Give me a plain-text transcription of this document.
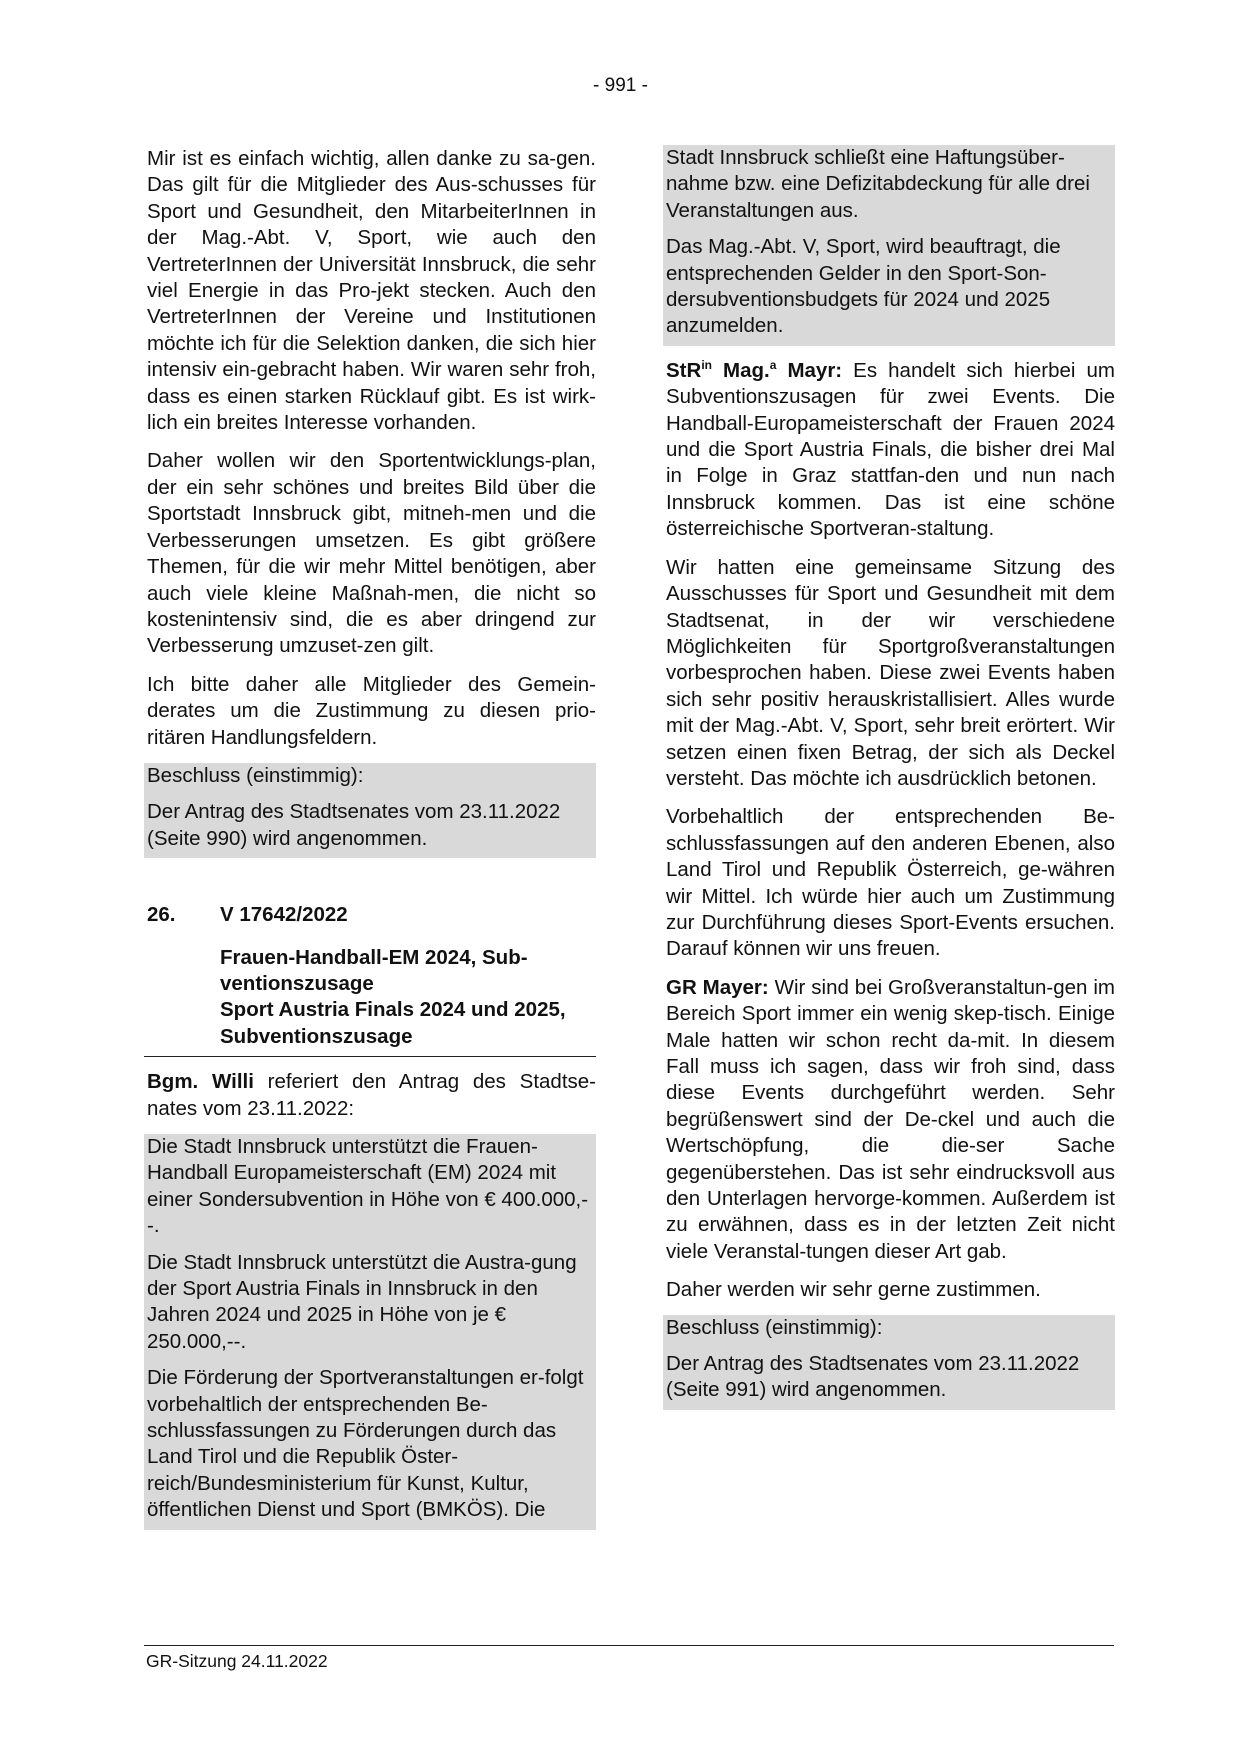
- 991 -

Mir ist es einfach wichtig, allen danke zu sa-gen. Das gilt für die Mitglieder des Aus-schusses für Sport und Gesundheit, den MitarbeiterInnen in der Mag.-Abt. V, Sport, wie auch den VertreterInnen der Universität Innsbruck, die sehr viel Energie in das Pro-jekt stecken. Auch den VertreterInnen der Vereine und Institutionen möchte ich für die Selektion danken, die sich hier intensiv ein-gebracht haben. Wir waren sehr froh, dass es einen starken Rücklauf gibt. Es ist wirk-lich ein breites Interesse vorhanden.

Daher wollen wir den Sportentwicklungs-plan, der ein sehr schönes und breites Bild über die Sportstadt Innsbruck gibt, mitneh-men und die Verbesserungen umsetzen. Es gibt größere Themen, für die wir mehr Mittel benötigen, aber auch viele kleine Maßnah-men, die nicht so kostenintensiv sind, die es aber dringend zur Verbesserung umzuset-zen gilt.

Ich bitte daher alle Mitglieder des Gemein-derates um die Zustimmung zu diesen prio-ritären Handlungsfeldern.

Beschluss (einstimmig):

Der Antrag des Stadtsenates vom 23.11.2022 (Seite 990) wird angenommen.

26.	V 17642/2022
Frauen-Handball-EM 2024, Sub-ventionszusage
Sport Austria Finals 2024 und 2025, Subventionszusage

Bgm. Willi referiert den Antrag des Stadtse-nates vom 23.11.2022:

Die Stadt Innsbruck unterstützt die Frauen-Handball Europameisterschaft (EM) 2024 mit einer Sondersubvention in Höhe von € 400.000,--.

Die Stadt Innsbruck unterstützt die Austra-gung der Sport Austria Finals in Innsbruck in den Jahren 2024 und 2025 in Höhe von je € 250.000,--.

Die Förderung der Sportveranstaltungen er-folgt vorbehaltlich der entsprechenden Be-schlussfassungen zu Förderungen durch das Land Tirol und die Republik Öster-reich/Bundesministerium für Kunst, Kultur, öffentlichen Dienst und Sport (BMKÖS). Die

Stadt Innsbruck schließt eine Haftungsüber-nahme bzw. eine Defizitabdeckung für alle drei Veranstaltungen aus.

Das Mag.-Abt. V, Sport, wird beauftragt, die entsprechenden Gelder in den Sport-Son-dersubventionsbudgets für 2024 und 2025 anzumelden.

StR$^{in}$ Mag.$^a$ Mayr: Es handelt sich hierbei um Subventionszusagen für zwei Events. Die Handball-Europameisterschaft der Frauen 2024 und die Sport Austria Finals, die bisher drei Mal in Folge in Graz stattfan-den und nun nach Innsbruck kommen. Das ist eine schöne österreichische Sportveran-staltung.

Wir hatten eine gemeinsame Sitzung des Ausschusses für Sport und Gesundheit mit dem Stadtsenat, in der wir verschiedene Möglichkeiten für Sportgroßveranstaltungen vorbesprochen haben. Diese zwei Events haben sich sehr positiv herauskristallisiert. Alles wurde mit der Mag.-Abt. V, Sport, sehr breit erörtert. Wir setzen einen fixen Betrag, der sich als Deckel versteht. Das möchte ich ausdrücklich betonen.

Vorbehaltlich der entsprechenden Be-schlussfassungen auf den anderen Ebenen, also Land Tirol und Republik Österreich, ge-währen wir Mittel. Ich würde hier auch um Zustimmung zur Durchführung dieses Sport-Events ersuchen. Darauf können wir uns freuen.

GR Mayer: Wir sind bei Großveranstaltun-gen im Bereich Sport immer ein wenig skep-tisch. Einige Male hatten wir schon recht da-mit. In diesem Fall muss ich sagen, dass wir froh sind, dass diese Events durchgeführt werden. Sehr begrüßenswert sind der De-ckel und auch die Wertschöpfung, die die-ser Sache gegenüberstehen. Das ist sehr eindrucksvoll aus den Unterlagen hervorge-kommen. Außerdem ist zu erwähnen, dass es in der letzten Zeit nicht viele Veranstal-tungen dieser Art gab.

Daher werden wir sehr gerne zustimmen.

Beschluss (einstimmig):

Der Antrag des Stadtsenates vom 23.11.2022 (Seite 991) wird angenommen.

GR-Sitzung 24.11.2022
